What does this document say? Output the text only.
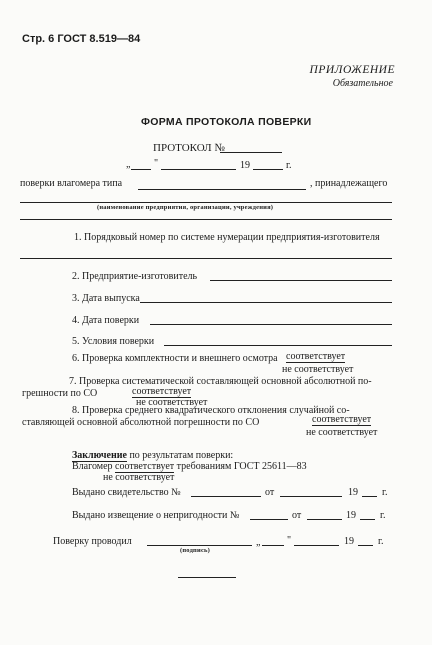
Стр. 6 ГОСТ 8.519—84
ПРИЛОЖЕНИЕ
Обязательное
ФОРМА ПРОТОКОЛА ПОВЕРКИ
ПРОТОКОЛ №
„ "	19	г.
поверки влагомера типа	, принадлежащего
(наименование предприятия, организации, учреждения)
1. Порядковый номер по системе нумерации предприятия-изготовителя
2. Предприятие-изготовитель
3. Дата выпуска
4. Дата поверки
5. Условия поверки
6. Проверка комплектности и внешнего осмотра соответствует
не соответствует
7. Проверка систематической составляющей основной абсолютной по-
грешности по СО	соответствует
не соответствует
8. Проверка среднего квадратического отклонения случайной со-
ставляющей основной абсолютной погрешности по СО	соответствует
не соответствует
Заключение по результатам поверки:
Влагомер соответствует требованиям ГОСТ 25611—83
не соответствует
Выдано свидетельство №	от	19 г.
Выдано извещение о непригодности №	от	19 г.
Поверку проводил
(подпись)
„	"	19 г.
